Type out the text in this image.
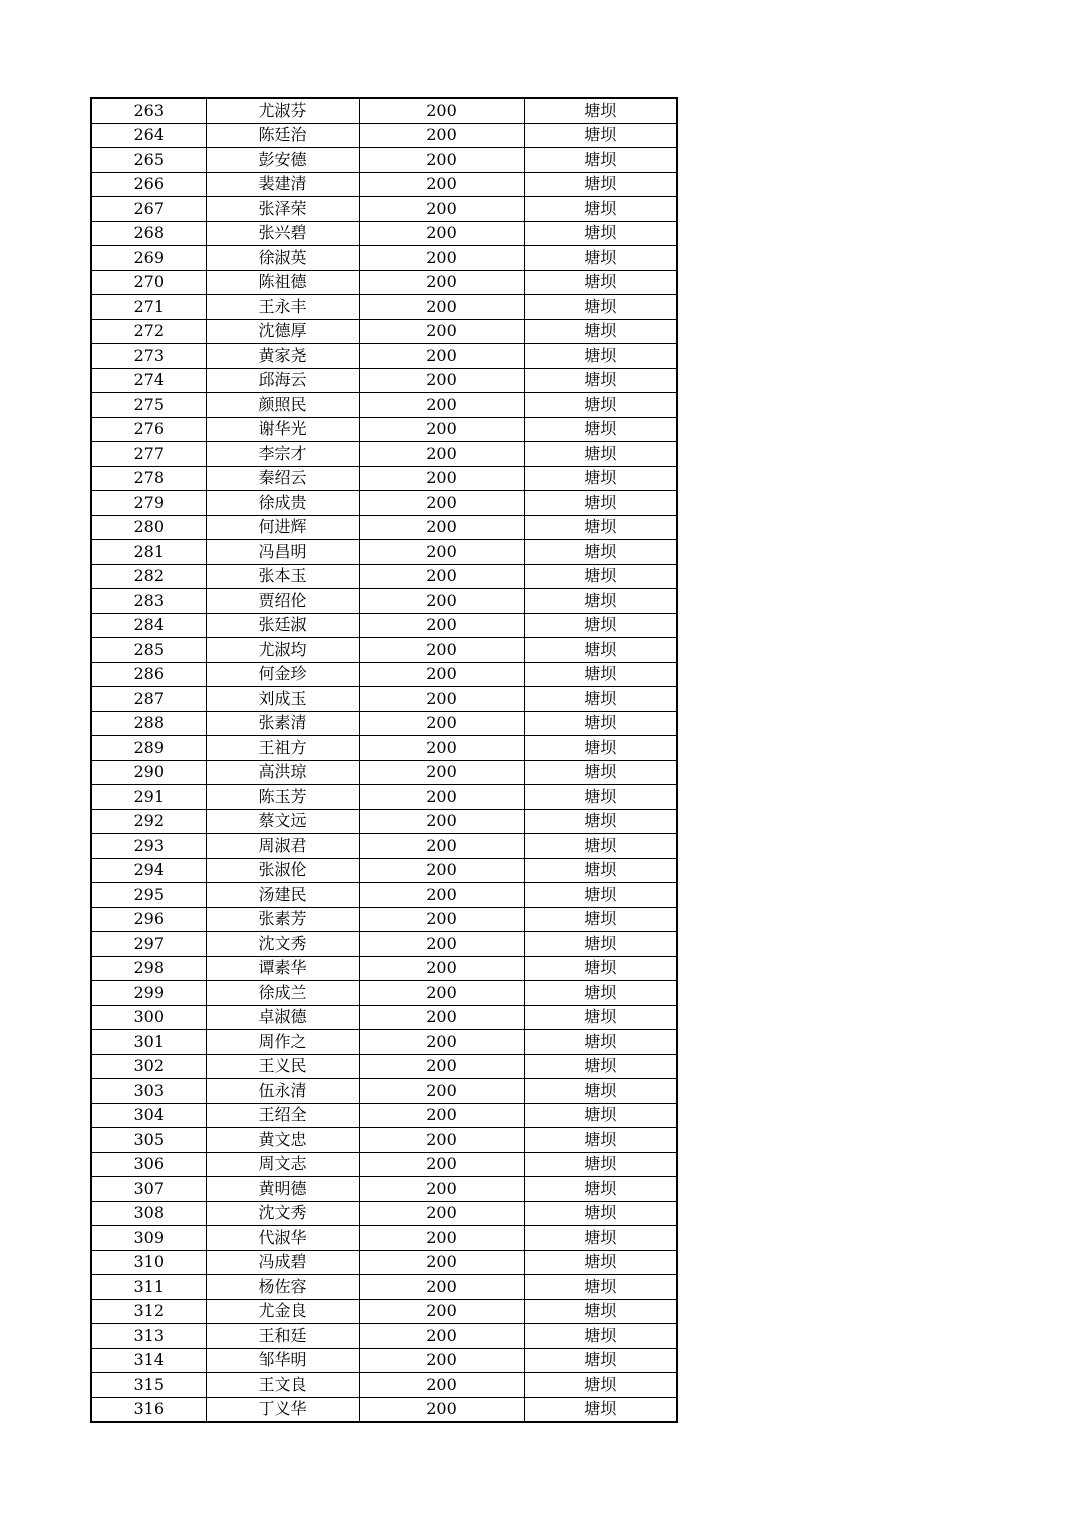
263	尤淑芬	200	塘坝
264	陈廷治	200	塘坝
265	彭安德	200	塘坝
266	裴建清	200	塘坝
267	张泽荣	200	塘坝
268	张兴碧	200	塘坝
269	徐淑英	200	塘坝
270	陈祖德	200	塘坝
271	王永丰	200	塘坝
272	沈德厚	200	塘坝
273	黄家尧	200	塘坝
274	邱海云	200	塘坝
275	颜照民	200	塘坝
276	谢华光	200	塘坝
277	李宗才	200	塘坝
278	秦绍云	200	塘坝
279	徐成贵	200	塘坝
280	何进辉	200	塘坝
281	冯昌明	200	塘坝
282	张本玉	200	塘坝
283	贾绍伦	200	塘坝
284	张廷淑	200	塘坝
285	尤淑均	200	塘坝
286	何金珍	200	塘坝
287	刘成玉	200	塘坝
288	张素清	200	塘坝
289	王祖方	200	塘坝
290	高洪琼	200	塘坝
291	陈玉芳	200	塘坝
292	蔡文远	200	塘坝
293	周淑君	200	塘坝
294	张淑伦	200	塘坝
295	汤建民	200	塘坝
296	张素芳	200	塘坝
297	沈文秀	200	塘坝
298	谭素华	200	塘坝
299	徐成兰	200	塘坝
300	卓淑德	200	塘坝
301	周作之	200	塘坝
302	王义民	200	塘坝
303	伍永清	200	塘坝
304	王绍全	200	塘坝
305	黄文忠	200	塘坝
306	周文志	200	塘坝
307	黄明德	200	塘坝
308	沈文秀	200	塘坝
309	代淑华	200	塘坝
310	冯成碧	200	塘坝
311	杨佐容	200	塘坝
312	尤金良	200	塘坝
313	王和廷	200	塘坝
314	邹华明	200	塘坝
315	王文良	200	塘坝
316	丁义华	200	塘坝
